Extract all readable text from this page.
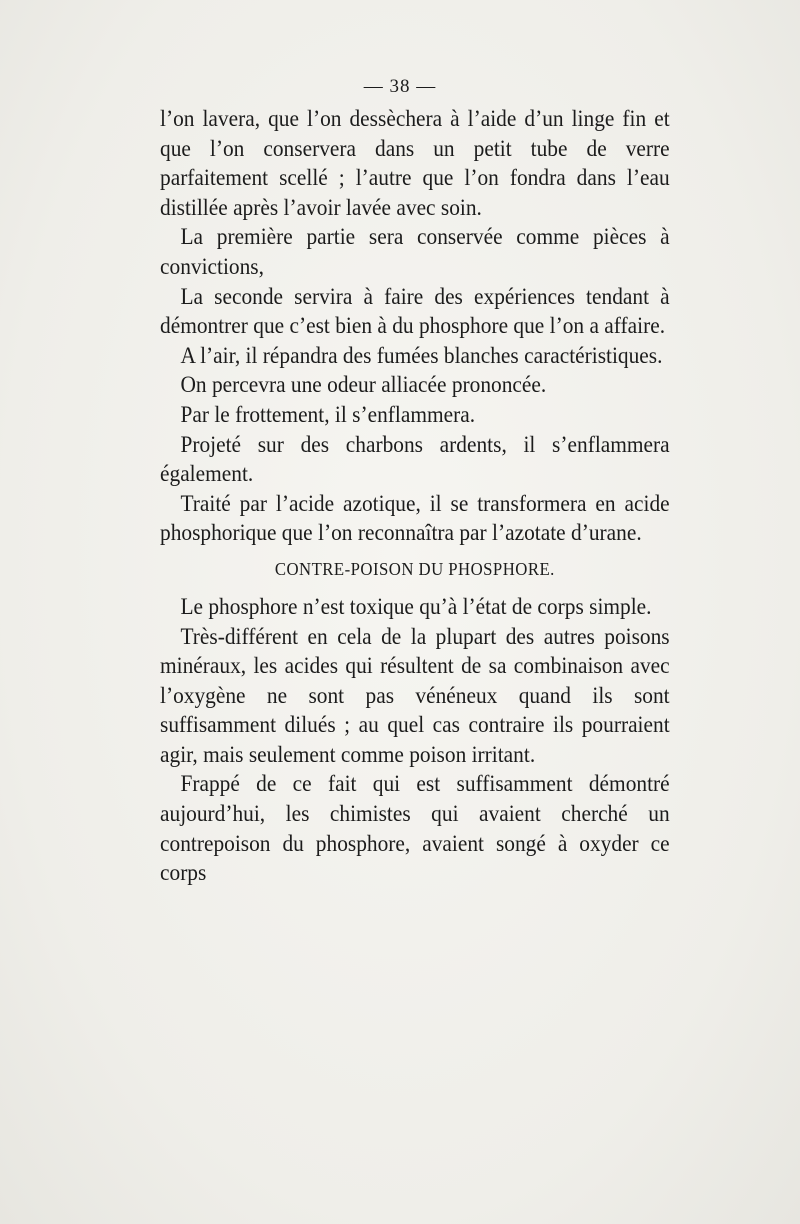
— 38 —

l’on lavera, que l’on dessèchera à l’aide d’un linge fin et que l’on conservera dans un petit tube de verre parfaitement scellé ; l’autre que l’on fondra dans l’eau distillée après l’avoir lavée avec soin.

La première partie sera conservée comme pièces à convictions,

La seconde servira à faire des expériences tendant à démontrer que c’est bien à du phosphore que l’on a affaire.

A l’air, il répandra des fumées blanches caractéristiques.

On percevra une odeur alliacée prononcée.

Par le frottement, il s’enflammera.

Projeté sur des charbons ardents, il s’enflammera également.

Traité par l’acide azotique, il se transformera en acide phosphorique que l’on reconnaîtra par l’azotate d’urane.

CONTRE-POISON DU PHOSPHORE.

Le phosphore n’est toxique qu’à l’état de corps simple.

Très-différent en cela de la plupart des autres poisons minéraux, les acides qui résultent de sa combinaison avec l’oxygène ne sont pas vénéneux quand ils sont suffisamment dilués ; au quel cas contraire ils pourraient agir, mais seulement comme poison irritant.

Frappé de ce fait qui est suffisamment démontré aujourd’hui, les chimistes qui avaient cherché un contrepoison du phosphore, avaient songé à oxyder ce corps
